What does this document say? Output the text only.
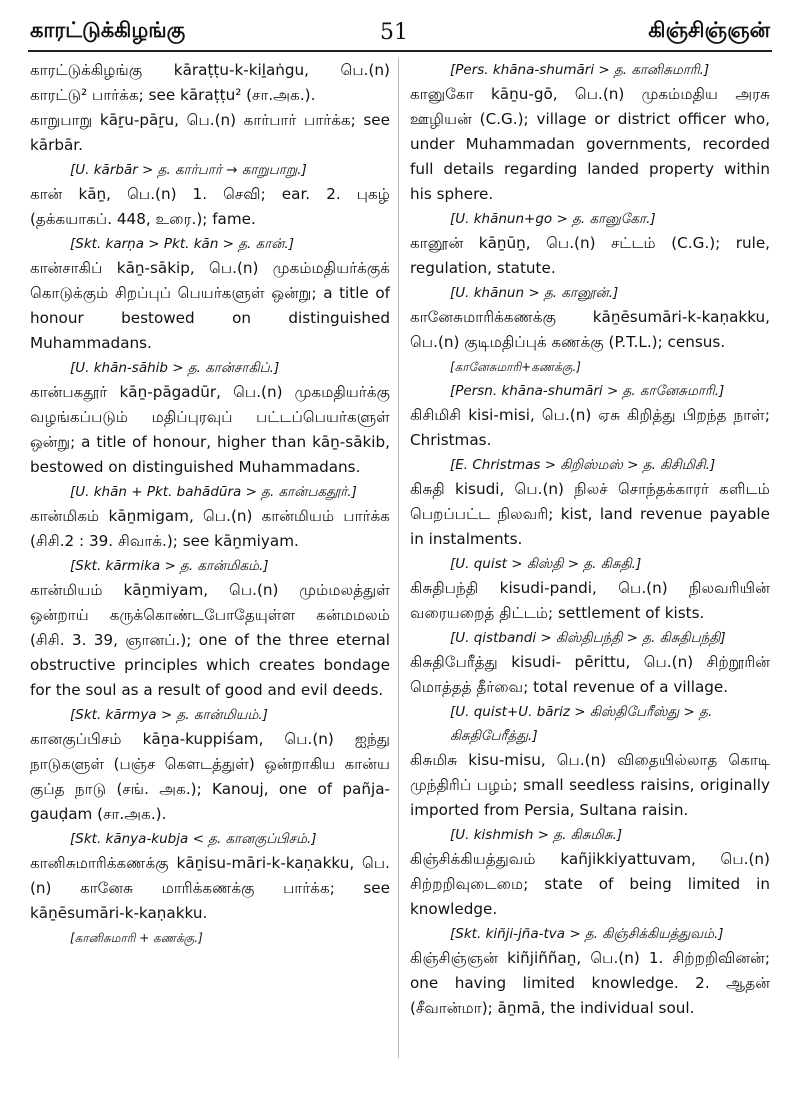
காரட்டுக்கிழங்கு	51	கிஞ்சிஞ்ஞன்

காரட்டுக்கிழங்கு kāraṭṭu-k-kiḻaṅgu, பெ.(n) காரட்டு² பார்க்க; see kāraṭṭu² (சா.அக.).

காறுபாறு kāṟu-pāṟu, பெ.(n) கார்பார் பார்க்க; see kārbār.

[U. kārbār > த. கார்பார் → காறுபாறு.]

கான் kāṉ, பெ.(n) 1. செவி; ear. 2. புகழ் (தக்கயாகப். 448, உரை.); fame.

[Skt. karṇa > Pkt. kān > த. கான்.]

கான்சாகிப் kāṉ-sākip, பெ.(n) முகம்மதியர்க்குக் கொடுக்கும் சிறப்புப் பெயர்களுள் ஒன்று; a title of honour bestowed on distinguished Muhammadans.

[U. khān-sāhib > த. கான்சாகிப்.]

கான்பகதூர் kāṉ-pāgadūr, பெ.(n) முகமதியர்க்கு வழங்கப்படும் மதிப்புரவுப் பட்டப்பெயர்களுள் ஒன்று; a title of honour, higher than kāṉ-sākib, bestowed on distinguished Muhammadans.

[U. khān + Pkt. bahādūra > த. கான்பகதூர்.]

கான்மிகம் kāṉmigam, பெ.(n) கான்மியம் பார்க்க (சிசி.2 : 39. சிவாக்.); see kāṉmiyam.

[Skt. kārmika > த. கான்மிகம்.]

கான்மியம் kāṉmiyam, பெ.(n) மும்மலத்துள் ஒன்றாய் கருக்கொண்டபோதேயுள்ள கன்மமலம் (சிசி. 3. 39, ஞானப்.); one of the three eternal obstructive principles which creates bondage for the soul as a result of good and evil deeds.

[Skt. kārmya > த. கான்மியம்.]

கானகுப்பிசம் kāṉa-kuppiśam, பெ.(n) ஐந்து நாடுகளுள் (பஞ்ச கௌடத்துள்) ஒன்றாகிய கான்ய குப்த நாடு (சங். அக.); Kanouj, one of pañja-gauḍam (சா.அக.).

[Skt. kānya-kubja < த. கானகுப்பிசம்.]

கானிசுமாரிக்கணக்கு kāṉisu-māri-k-kaṇakku, பெ.(n) கானேசு மாரிக்கணக்கு பார்க்க; see kāṉēsumāri-k-kaṇakku.

[கானிசுமாரி + கணக்கு.]
[Pers. khāna-shumāri > த. கானிசுமாரி.]

கானுகோ kāṉu-gō, பெ.(n) முகம்மதிய அரசு ஊழியன் (C.G.); village or district officer who, under Muhammadan governments, recorded full details regarding landed property within his sphere.

[U. khānun+go > த. கானுகோ.]

கானூன் kāṉūṉ, பெ.(n) சட்டம் (C.G.); rule, regulation, statute.

[U. khānun > த. கானூன்.]

கானேசுமாரிக்கணக்கு kāṉēsumāri-k-kaṇakku, பெ.(n) குடிமதிப்புக் கணக்கு (P.T.L.); census.

[கானேசுமாரி+கணக்கு.]
[Persn. khāna-shumāri > த. கானேசுமாரி.]

கிசிமிசி kisi-misi, பெ.(n) ஏசு கிறித்து பிறந்த நாள்; Christmas.

[E. Christmas > கிறிஸ்மஸ் > த. கிசிமிசி.]

கிசுதி kisudi, பெ.(n) நிலச் சொந்தக்காரர் களிடம் பெறப்பட்ட நிலவரி; kist, land revenue payable in instalments.

[U. quist > கிஸ்தி > த. கிசுதி.]

கிசுதிபந்தி kisudi-pandi, பெ.(n) நிலவரியின் வரையறைத் திட்டம்; settlement of kists.

[U. qistbandi > கிஸ்திபந்தி > த. கிசுதிபந்தி]

கிசுதிபேரீத்து kisudi- pērittu, பெ.(n) சிற்றூரின் மொத்தத் தீர்வை; total revenue of a village.

[U. quist+U. bāriz > கிஸ்திபேரீஸ்து > த. கிசுதிபேரீத்து.]

கிசுமிசு kisu-misu, பெ.(n) விதையில்லாத கொடி முந்திரிப் பழம்; small seedless raisins, originally imported from Persia, Sultana raisin.

[U. kishmish > த. கிசுமிசு.]

கிஞ்சிக்கியத்துவம் kañjikkiyattuvam, பெ.(n) சிற்றறிவுடைமை; state of being limited in knowledge.

[Skt. kiñji-jña-tva > த. கிஞ்சிக்கியத்துவம்.]

கிஞ்சிஞ்ஞன் kiñjiññaṉ, பெ.(n) 1. சிற்றறிவினன்; one having limited knowledge. 2. ஆதன் (சீவான்மா); āṉmā, the individual soul.
